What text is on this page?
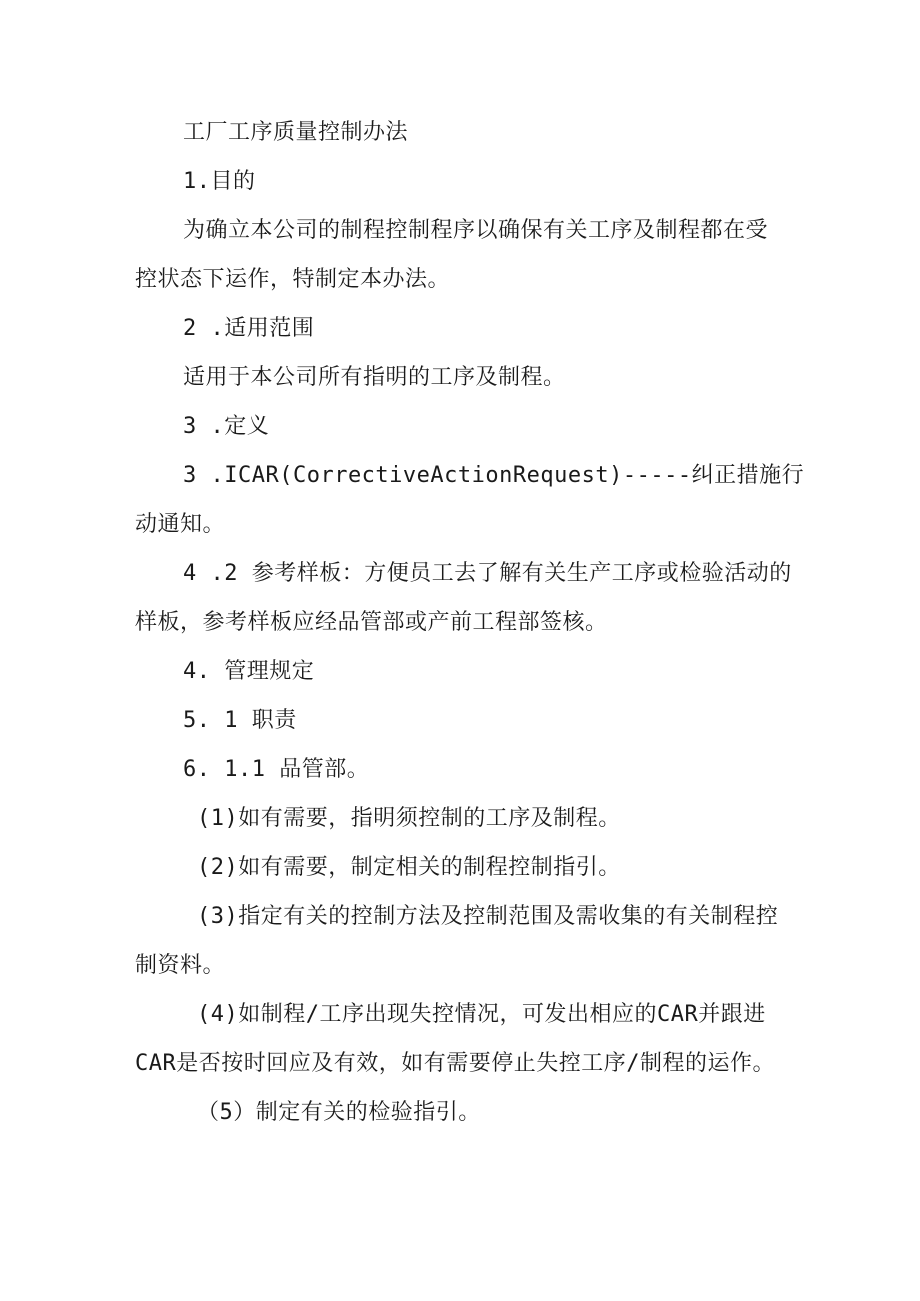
工厂工序质量控制办法
1.目的
为确立本公司的制程控制程序以确保有关工序及制程都在受
控状态下运作，特制定本办法。
2 .适用范围
适用于本公司所有指明的工序及制程。
3 .定义
3 .ICAR(CorrectiveActionRequest)-----纠正措施行
动通知。
4 .2 参考样板：方便员工去了解有关生产工序或检验活动的
样板，参考样板应经品管部或产前工程部签核。
4. 管理规定
5. 1 职责
6. 1.1 品管部。
(1)如有需要，指明须控制的工序及制程。
(2)如有需要，制定相关的制程控制指引。
(3)指定有关的控制方法及控制范围及需收集的有关制程控
制资料。
(4)如制程/工序出现失控情况，可发出相应的CAR并跟进
CAR是否按时回应及有效，如有需要停止失控工序/制程的运作。
（5）制定有关的检验指引。
